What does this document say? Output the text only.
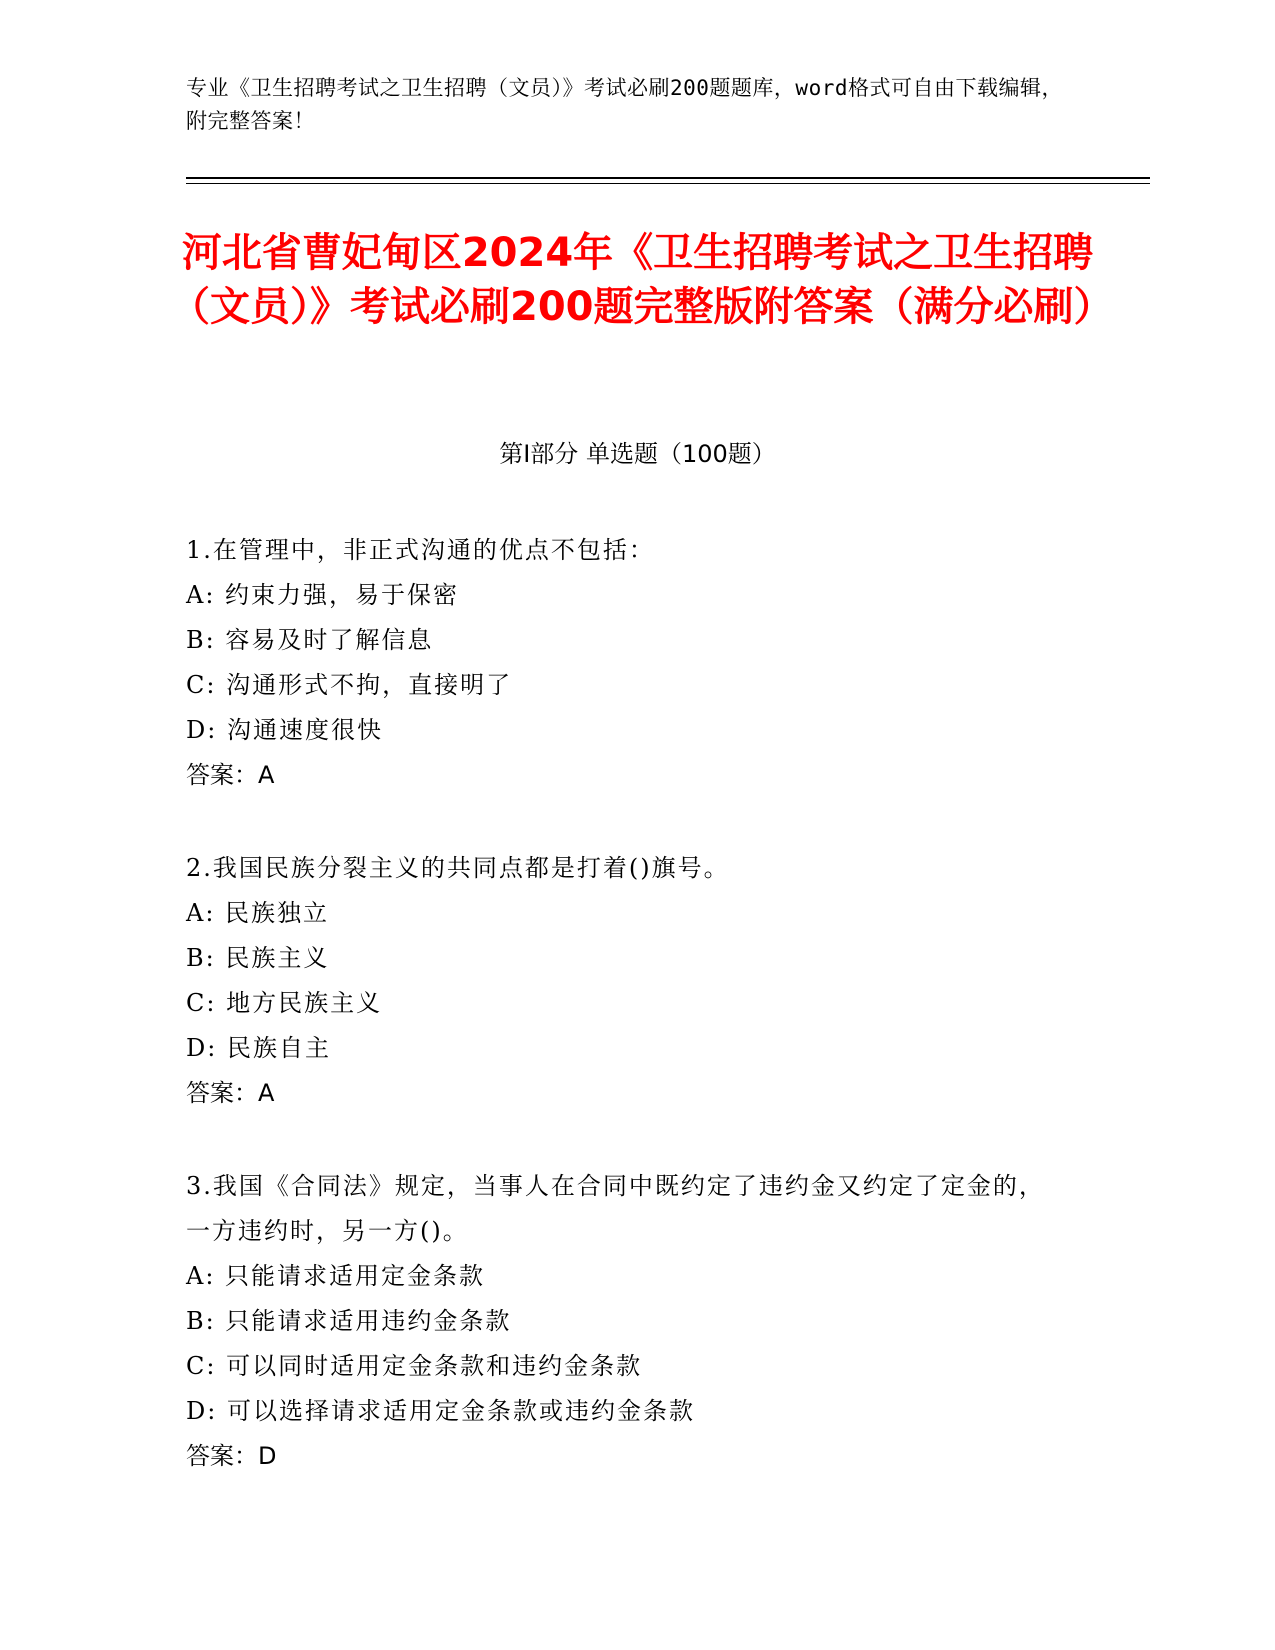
专业《卫生招聘考试之卫生招聘（文员）》考试必刷200题题库，word格式可自由下载编辑，附完整答案！
河北省曹妃甸区2024年《卫生招聘考试之卫生招聘（文员）》考试必刷200题完整版附答案（满分必刷）
第Ⅰ部分 单选题（100题）

1.在管理中，非正式沟通的优点不包括：

A: 约束力强，易于保密

B: 容易及时了解信息

C: 沟通形式不拘，直接明了

D: 沟通速度很快

答案：A

2.我国民族分裂主义的共同点都是打着()旗号。

A: 民族独立

B: 民族主义

C: 地方民族主义

D: 民族自主

答案：A

3.我国《合同法》规定，当事人在合同中既约定了违约金又约定了定金的，一方违约时，另一方()。

A: 只能请求适用定金条款

B: 只能请求适用违约金条款

C: 可以同时适用定金条款和违约金条款

D: 可以选择请求适用定金条款或违约金条款

答案：D
